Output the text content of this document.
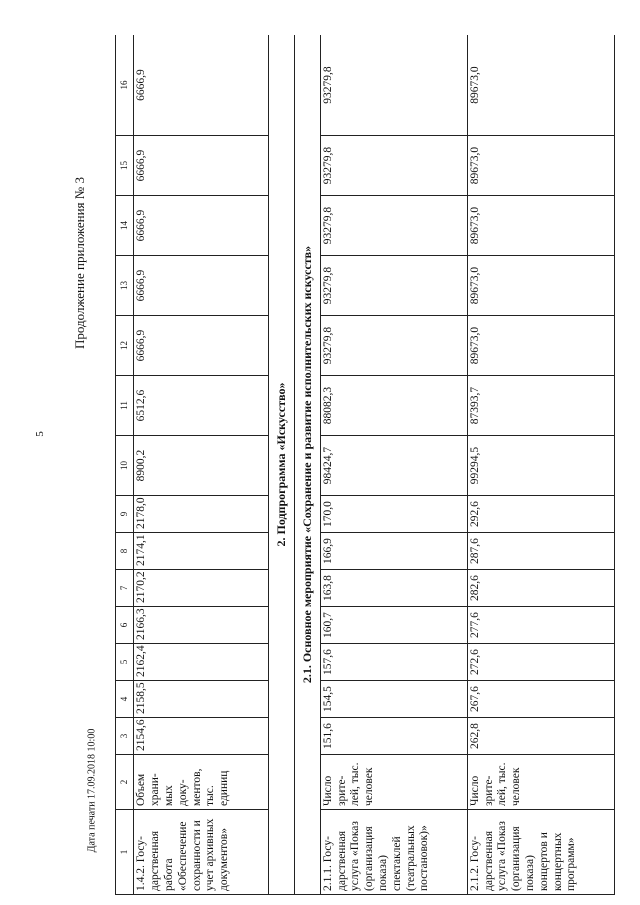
5
Продолжение приложения № 3
Дата печати 17.09.2018 10:00 1	2	3	4	5	6	7	8	9	10	11	12	13	14	15	16
1.4.2. Госу-дарственная работа «Обеспечение сохранности и учет архивных документов»	Объем храни-мых доку-ментов, тыс. единиц	2154,6	2158,5	2162,4	2166,3	2170,2	2174,1	2178,0	8900,2	6512,6	6666,9	6666,9	6666,9	6666,9	6666,9
2. Подпрограмма «Искусство»															
2.1. Основное мероприятие «Сохранение и развитие исполнительских искусств»															
2.1.1. Госу-дарственная услуга «Показ (организация показа) спектаклей (театральных постановок)»	Число зрите-лей, тыс. человек	151,6	154,5	157,6	160,7	163,8	166,9	170,0	98424,7	88082,3	93279,8	93279,8	93279,8	93279,8	93279,8
2.1.2. Госу-дарственная услуга «Показ (организация показа) концертов и концертных программ»	Число зрите-лей, тыс. человек	262,8	267,6	272,6	277,6	282,6	287,6	292,6	99294,5	87393,7	89673,0	89673,0	89673,0	89673,0	89673,0
